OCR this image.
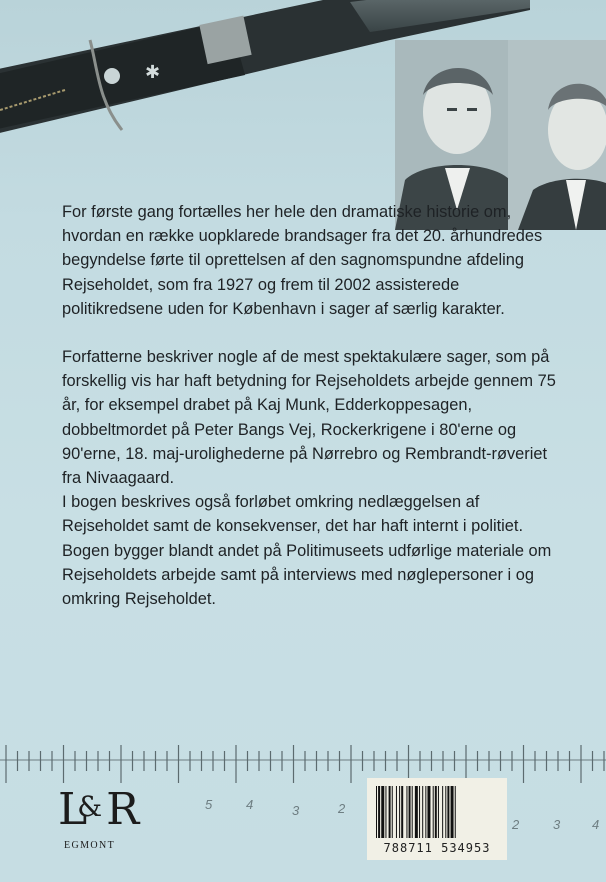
✱

For første gang fortælles her hele den dramatiske historie om, hvordan en række uopklarede brandsager fra det 20. århundredes begyndelse førte til oprettelsen af den sagnomspundne afdeling Rejseholdet, som fra 1927 og frem til 2002 assisterede politikredsene uden for København i sager af særlig karakter.

Forfatterne beskriver nogle af de mest spektakulære sager, som på forskellig vis har haft betydning for Rejseholdets arbejde gennem 75 år, for eksempel drabet på Kaj Munk, Edderkoppesagen, dobbeltmordet på Peter Bangs Vej, Rockerkrigene i 80'erne og 90'erne, 18. maj-urolighederne på Nørrebro og Rembrandt-røveriet fra Nivaagaard.

I bogen beskrives også forløbet omkring nedlæggelsen af Rejseholdet samt de konsekvenser, det har haft internt i politiet. Bogen bygger blandt andet på Politimuseets udførlige materiale om Rejseholdets arbejde samt på interviews med nøglepersoner i og omkring Rejseholdet.

5	4	3	2
2	3 4
L&R
EGMONT	788711 534953
